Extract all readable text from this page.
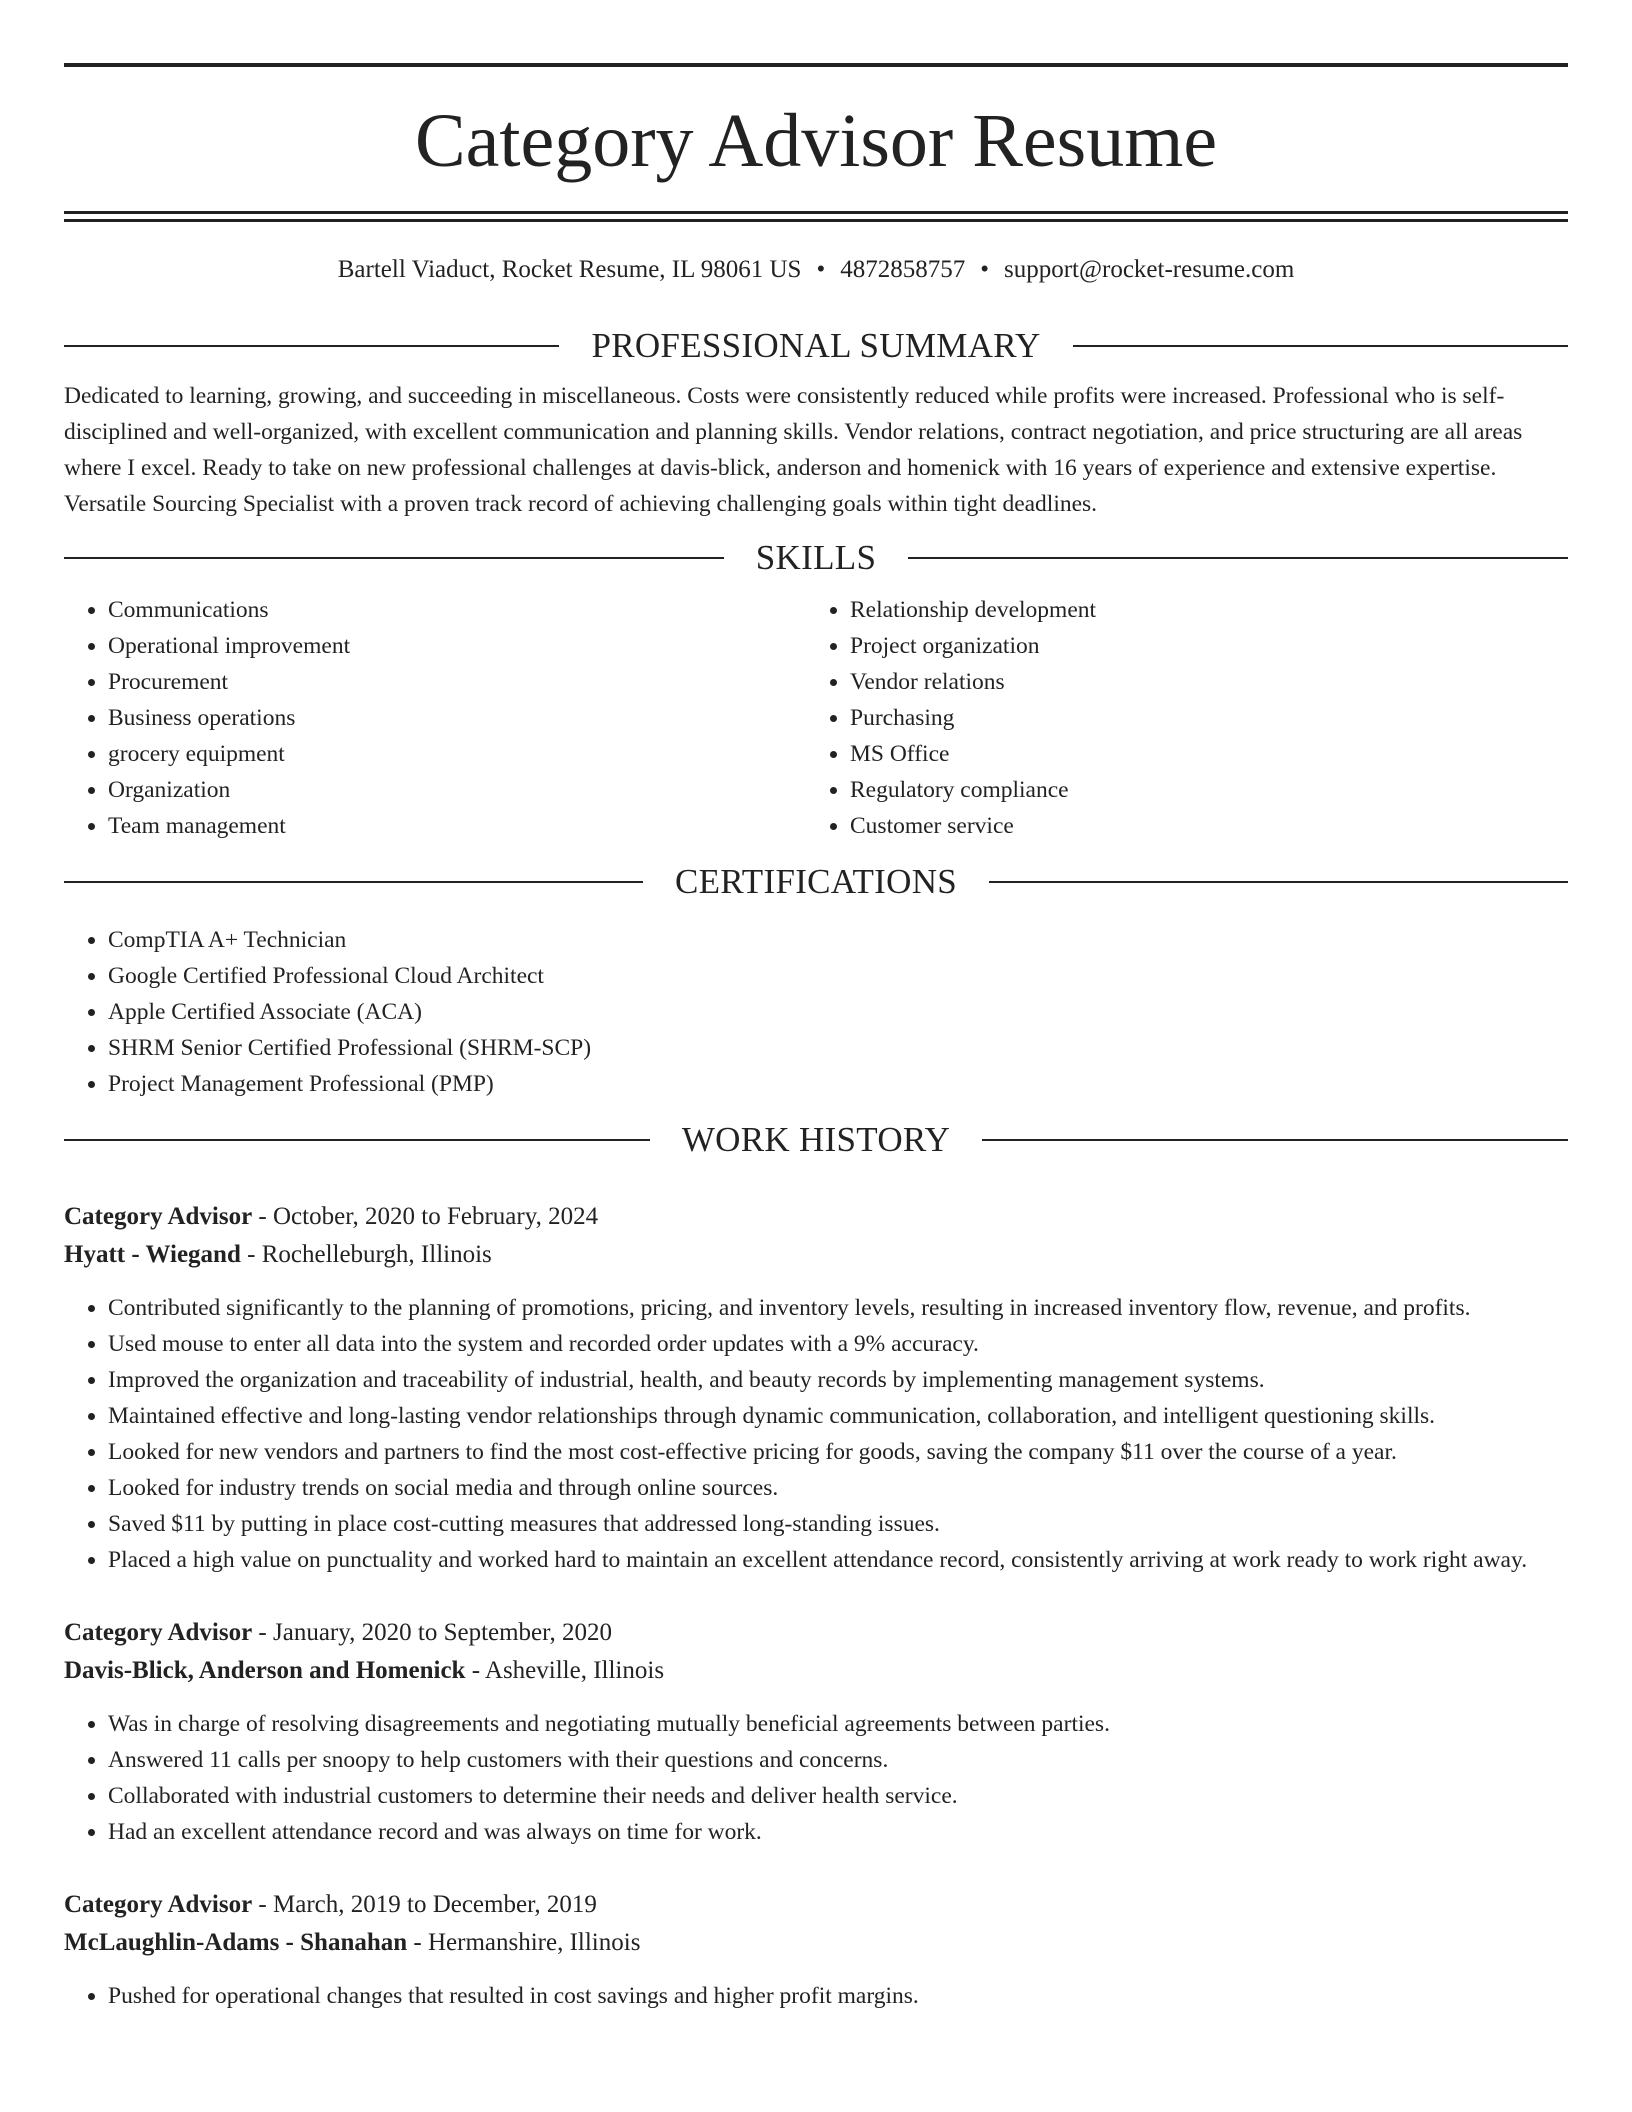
Category Advisor Resume
Bartell Viaduct, Rocket Resume, IL 98061 US • 4872858757 • support@rocket-resume.com
PROFESSIONAL SUMMARY
Dedicated to learning, growing, and succeeding in miscellaneous. Costs were consistently reduced while profits were increased. Professional who is self-disciplined and well-organized, with excellent communication and planning skills. Vendor relations, contract negotiation, and price structuring are all areas where I excel. Ready to take on new professional challenges at davis-blick, anderson and homenick with 16 years of experience and extensive expertise. Versatile Sourcing Specialist with a proven track record of achieving challenging goals within tight deadlines.
SKILLS
• Communications
• Operational improvement
• Procurement
• Business operations
• grocery equipment
• Organization
• Team management
• Relationship development
• Project organization
• Vendor relations
• Purchasing
• MS Office
• Regulatory compliance
• Customer service
CERTIFICATIONS
• CompTIA A+ Technician
• Google Certified Professional Cloud Architect
• Apple Certified Associate (ACA)
• SHRM Senior Certified Professional (SHRM-SCP)
• Project Management Professional (PMP)
WORK HISTORY
Category Advisor - October, 2020 to February, 2024
Hyatt - Wiegand - Rochelleburgh, Illinois
• Contributed significantly to the planning of promotions, pricing, and inventory levels, resulting in increased inventory flow, revenue, and profits.
• Used mouse to enter all data into the system and recorded order updates with a 9% accuracy.
• Improved the organization and traceability of industrial, health, and beauty records by implementing management systems.
• Maintained effective and long-lasting vendor relationships through dynamic communication, collaboration, and intelligent questioning skills.
• Looked for new vendors and partners to find the most cost-effective pricing for goods, saving the company $11 over the course of a year.
• Looked for industry trends on social media and through online sources.
• Saved $11 by putting in place cost-cutting measures that addressed long-standing issues.
• Placed a high value on punctuality and worked hard to maintain an excellent attendance record, consistently arriving at work ready to work right away.
Category Advisor - January, 2020 to September, 2020
Davis-Blick, Anderson and Homenick - Asheville, Illinois
• Was in charge of resolving disagreements and negotiating mutually beneficial agreements between parties.
• Answered 11 calls per snoopy to help customers with their questions and concerns.
• Collaborated with industrial customers to determine their needs and deliver health service.
• Had an excellent attendance record and was always on time for work.
Category Advisor - March, 2019 to December, 2019
McLaughlin-Adams - Shanahan - Hermanshire, Illinois
• Pushed for operational changes that resulted in cost savings and higher profit margins.
